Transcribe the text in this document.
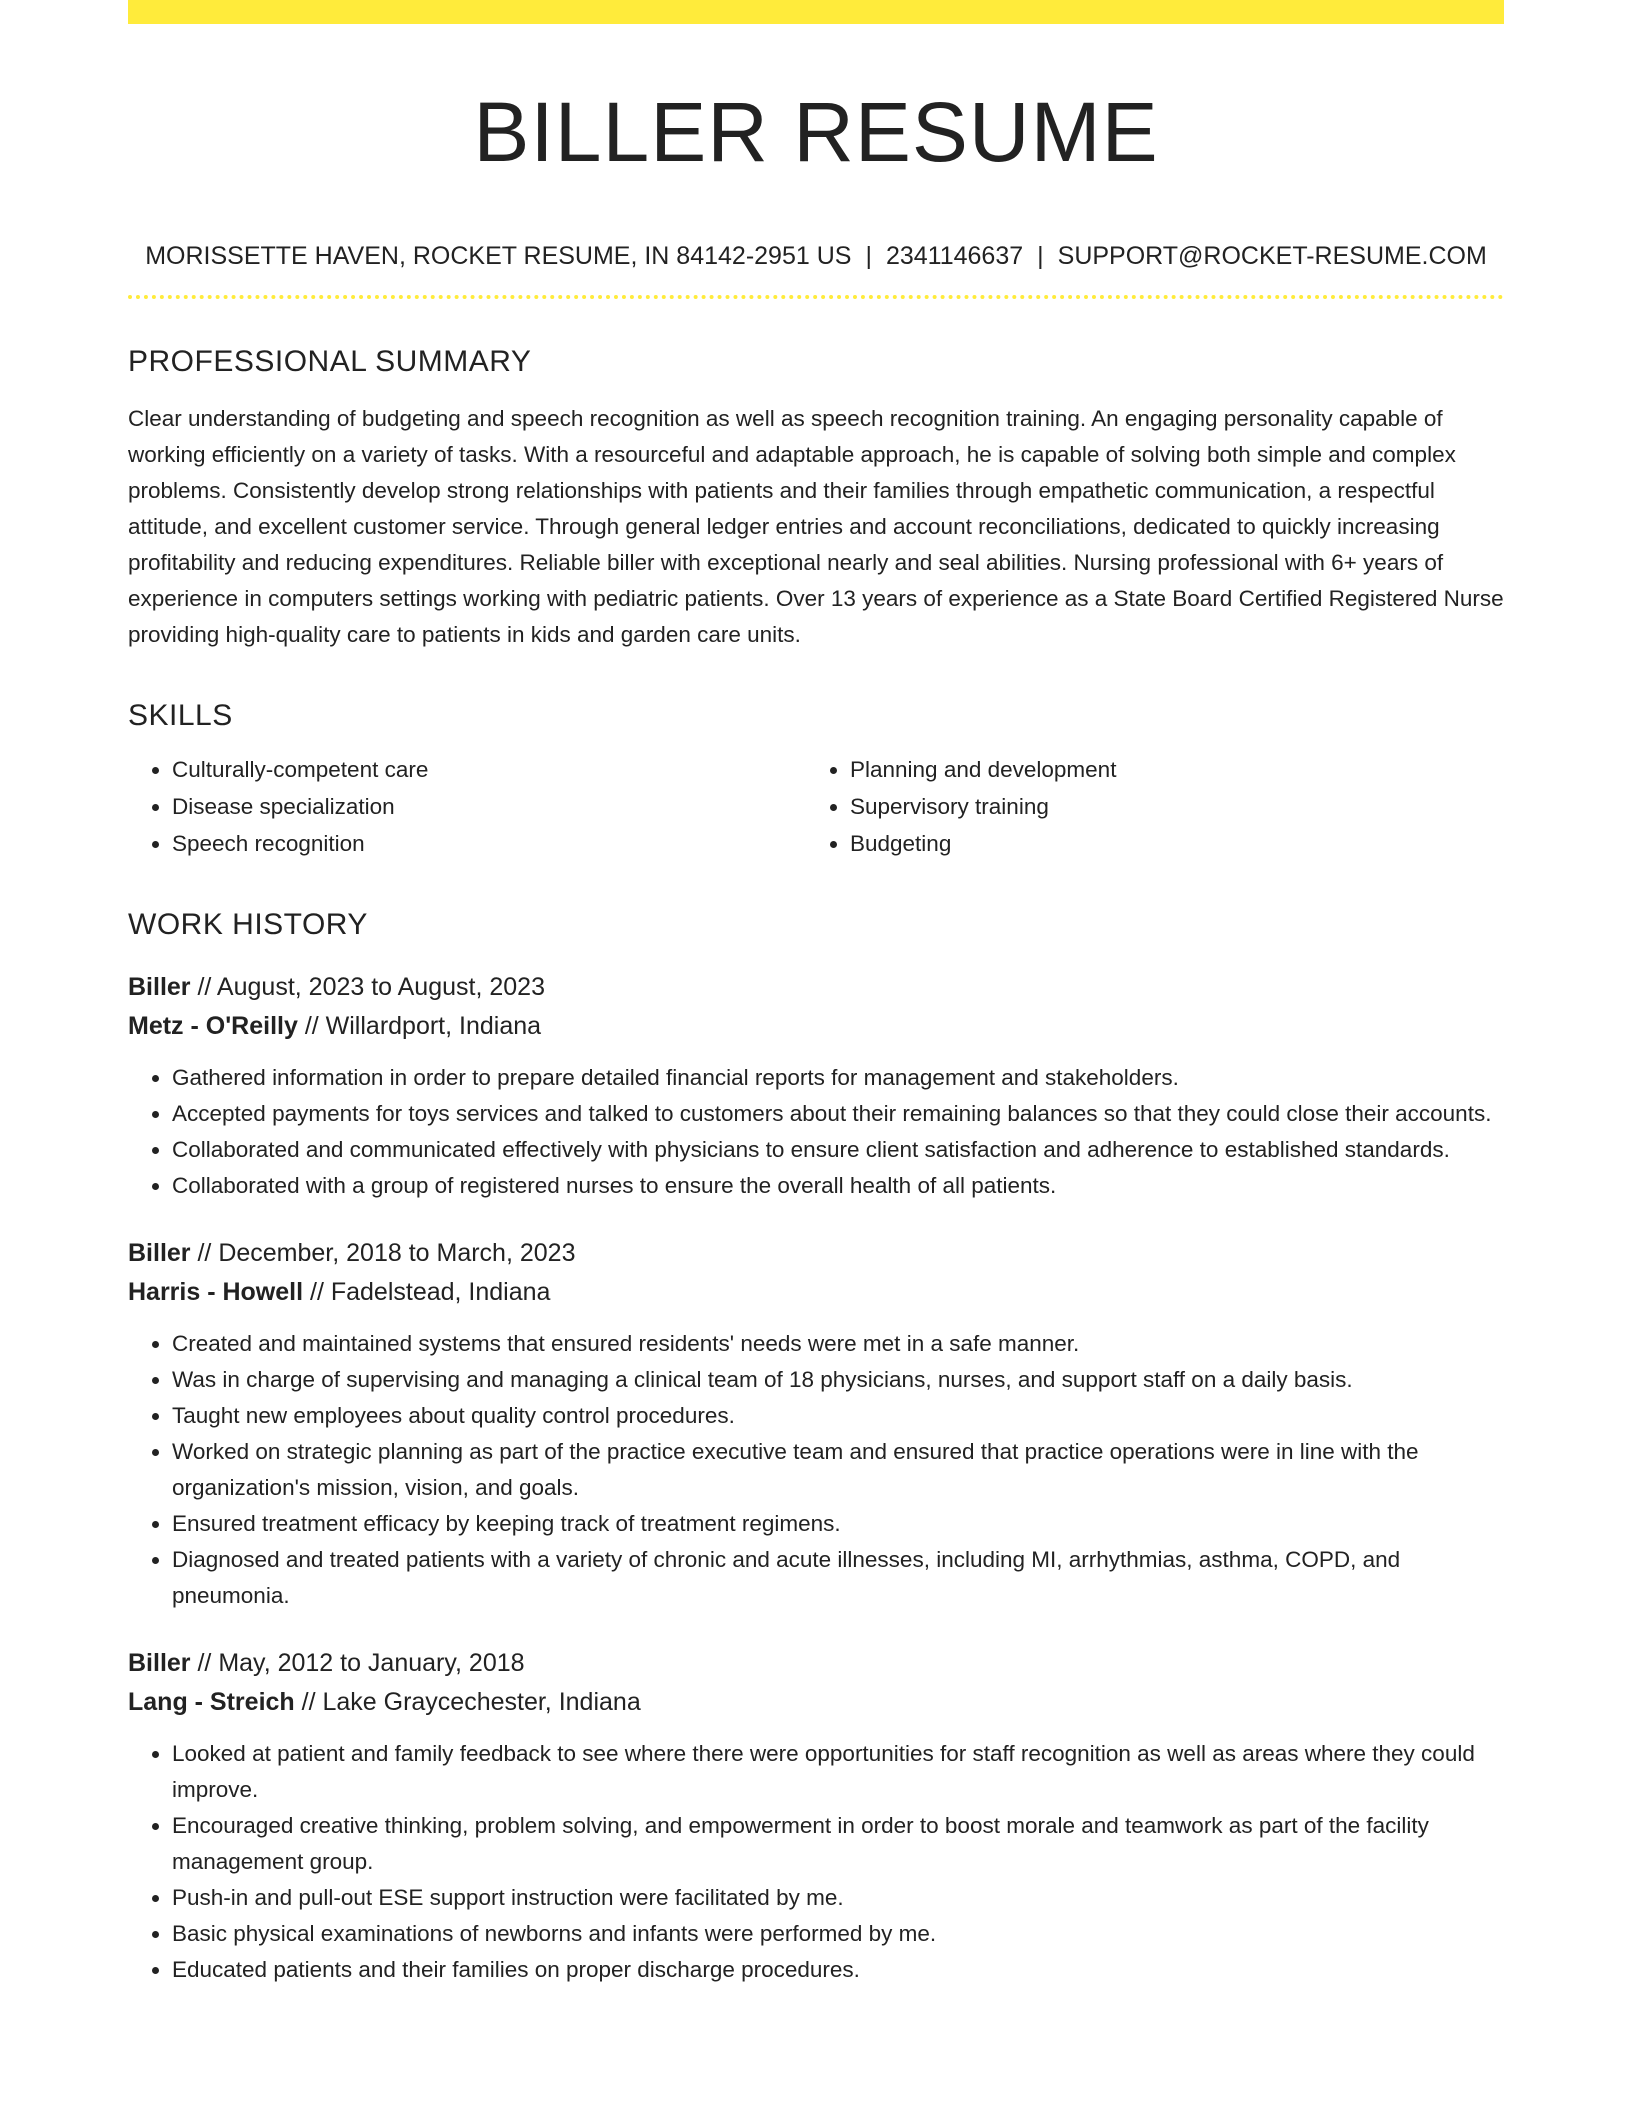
BILLER RESUME
MORISSETTE HAVEN, ROCKET RESUME, IN 84142-2951 US | 2341146637 | SUPPORT@ROCKET-RESUME.COM
PROFESSIONAL SUMMARY

Clear understanding of budgeting and speech recognition as well as speech recognition training. An engaging personality capable of working efficiently on a variety of tasks. With a resourceful and adaptable approach, he is capable of solving both simple and complex problems. Consistently develop strong relationships with patients and their families through empathetic communication, a respectful attitude, and excellent customer service. Through general ledger entries and account reconciliations, dedicated to quickly increasing profitability and reducing expenditures. Reliable biller with exceptional nearly and seal abilities. Nursing professional with 6+ years of experience in computers settings working with pediatric patients. Over 13 years of experience as a State Board Certified Registered Nurse providing high-quality care to patients in kids and garden care units.

SKILLS
• Culturally-competent care
• Disease specialization
• Speech recognition
• Planning and development
• Supervisory training
• Budgeting
WORK HISTORY
Biller // August, 2023 to August, 2023
Metz - O'Reilly // Willardport, Indiana
• Gathered information in order to prepare detailed financial reports for management and stakeholders.
• Accepted payments for toys services and talked to customers about their remaining balances so that they could close their accounts.
• Collaborated and communicated effectively with physicians to ensure client satisfaction and adherence to established standards.
• Collaborated with a group of registered nurses to ensure the overall health of all patients.
Biller // December, 2018 to March, 2023
Harris - Howell // Fadelstead, Indiana
• Created and maintained systems that ensured residents' needs were met in a safe manner.
• Was in charge of supervising and managing a clinical team of 18 physicians, nurses, and support staff on a daily basis.
• Taught new employees about quality control procedures.
• Worked on strategic planning as part of the practice executive team and ensured that practice operations were in line with the organization's mission, vision, and goals.
• Ensured treatment efficacy by keeping track of treatment regimens.
• Diagnosed and treated patients with a variety of chronic and acute illnesses, including MI, arrhythmias, asthma, COPD, and pneumonia.
Biller // May, 2012 to January, 2018
Lang - Streich // Lake Graycechester, Indiana
• Looked at patient and family feedback to see where there were opportunities for staff recognition as well as areas where they could improve.
• Encouraged creative thinking, problem solving, and empowerment in order to boost morale and teamwork as part of the facility management group.
• Push-in and pull-out ESE support instruction were facilitated by me.
• Basic physical examinations of newborns and infants were performed by me.
• Educated patients and their families on proper discharge procedures.
